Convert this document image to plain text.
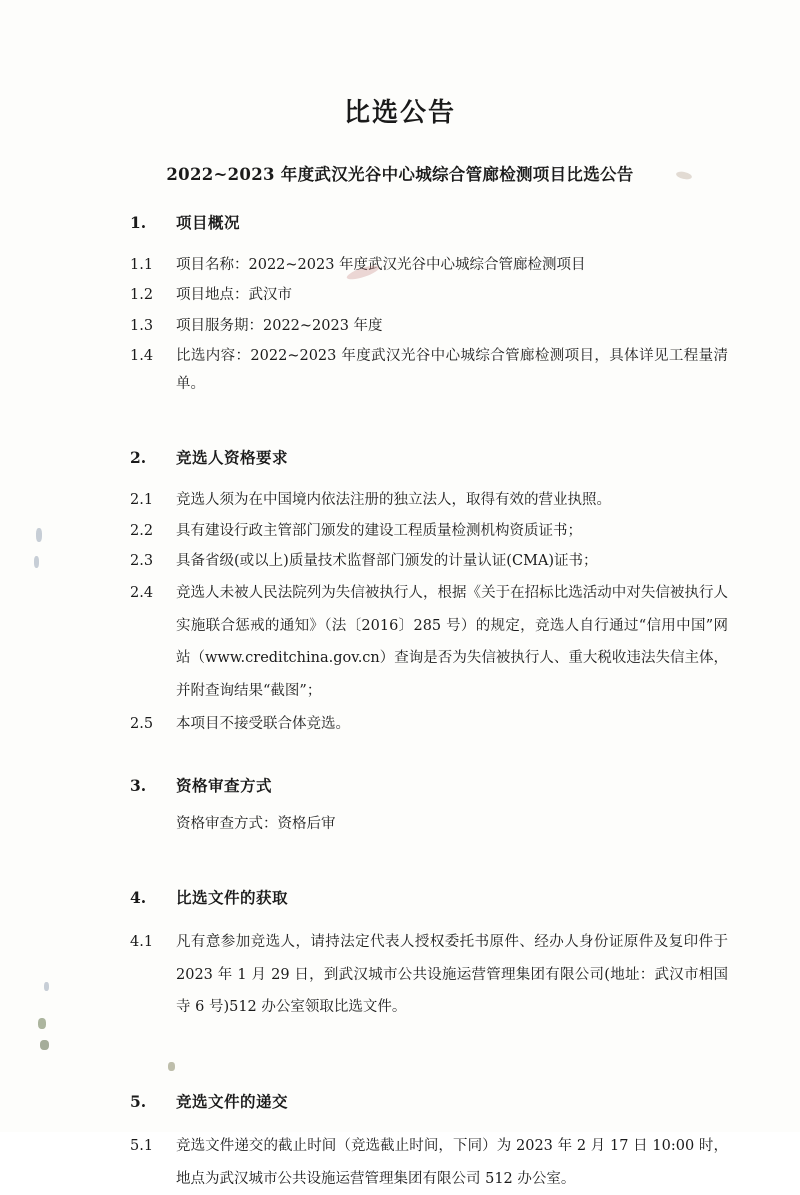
比选公告
2022~2023 年度武汉光谷中心城综合管廊检测项目比选公告
1.	项目概况
1.1	项目名称：2022~2023 年度武汉光谷中心城综合管廊检测项目
1.2	项目地点：武汉市
1.3	项目服务期：2022~2023 年度
1.4	比选内容：2022~2023 年度武汉光谷中心城综合管廊检测项目，具体详见工程量清单。
2.	竞选人资格要求
2.1	竞选人须为在中国境内依法注册的独立法人，取得有效的营业执照。
2.2	具有建设行政主管部门颁发的建设工程质量检测机构资质证书；
2.3	具备省级(或以上)质量技术监督部门颁发的计量认证(CMA)证书；
2.4	竞选人未被人民法院列为失信被执行人，根据《关于在招标比选活动中对失信被执行人实施联合惩戒的通知》（法〔2016〕285 号）的规定，竞选人自行通过“信用中国”网站（www.creditchina.gov.cn）查询是否为失信被执行人、重大税收违法失信主体，并附查询结果“截图”；
2.5	本项目不接受联合体竞选。
3.	资格审查方式
资格审查方式：资格后审
4.	比选文件的获取
4.1	凡有意参加竞选人，请持法定代表人授权委托书原件、经办人身份证原件及复印件于 2023 年 1 月 29 日，到武汉城市公共设施运营管理集团有限公司(地址：武汉市相国寺 6 号)512 办公室领取比选文件。
5.	竞选文件的递交
5.1	竞选文件递交的截止时间（竞选截止时间，下同）为 2023 年 2 月 17 日 10:00 时，地点为武汉城市公共设施运营管理集团有限公司 512 办公室。
